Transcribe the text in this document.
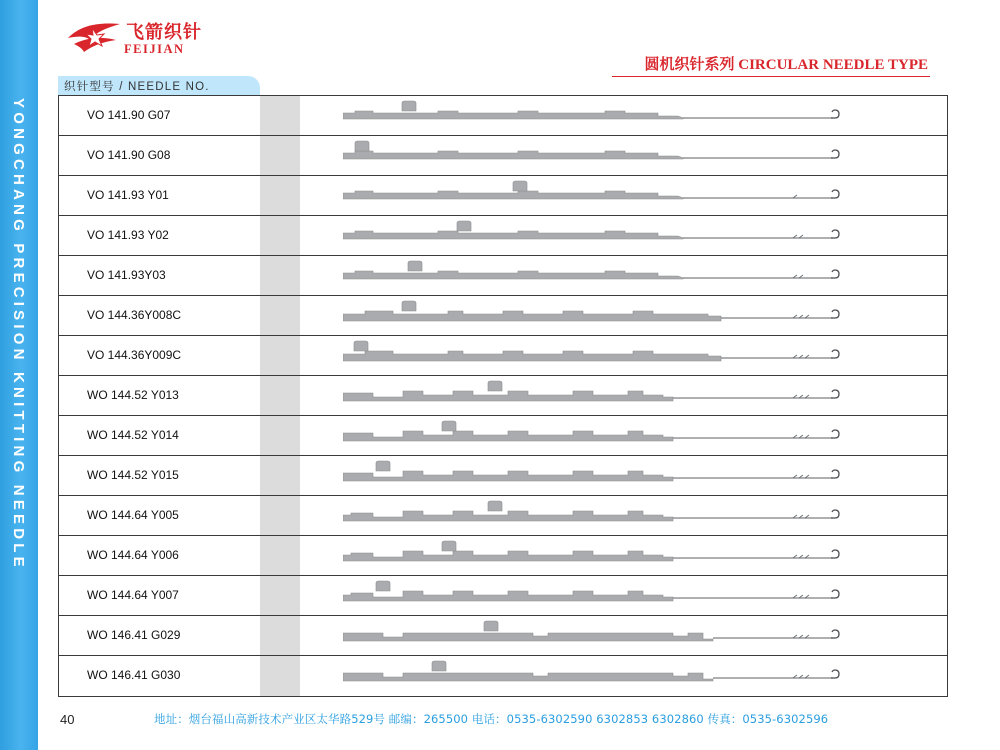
YONGCHANG PRECISION KNITTING NEEDLE
飞箭织针
FEIJIAN
圆机织针系列 CIRCULAR NEEDLE TYPE
织针型号 / NEEDLE NO.
VO 141.90 G07
VO 141.90 G08
VO 141.93 Y01
VO 141.93 Y02
VO 141.93Y03
VO 144.36Y008C
VO 144.36Y009C
WO 144.52 Y013
WO 144.52 Y014
WO 144.52 Y015
WO 144.64 Y005
WO 144.64 Y006
WO 144.64 Y007
WO 146.41 G029
WO 146.41 G030
40	地址：烟台福山高新技术产业区太华路529号 邮编：265500 电话：0535-6302590 6302853 6302860 传真：0535-6302596
